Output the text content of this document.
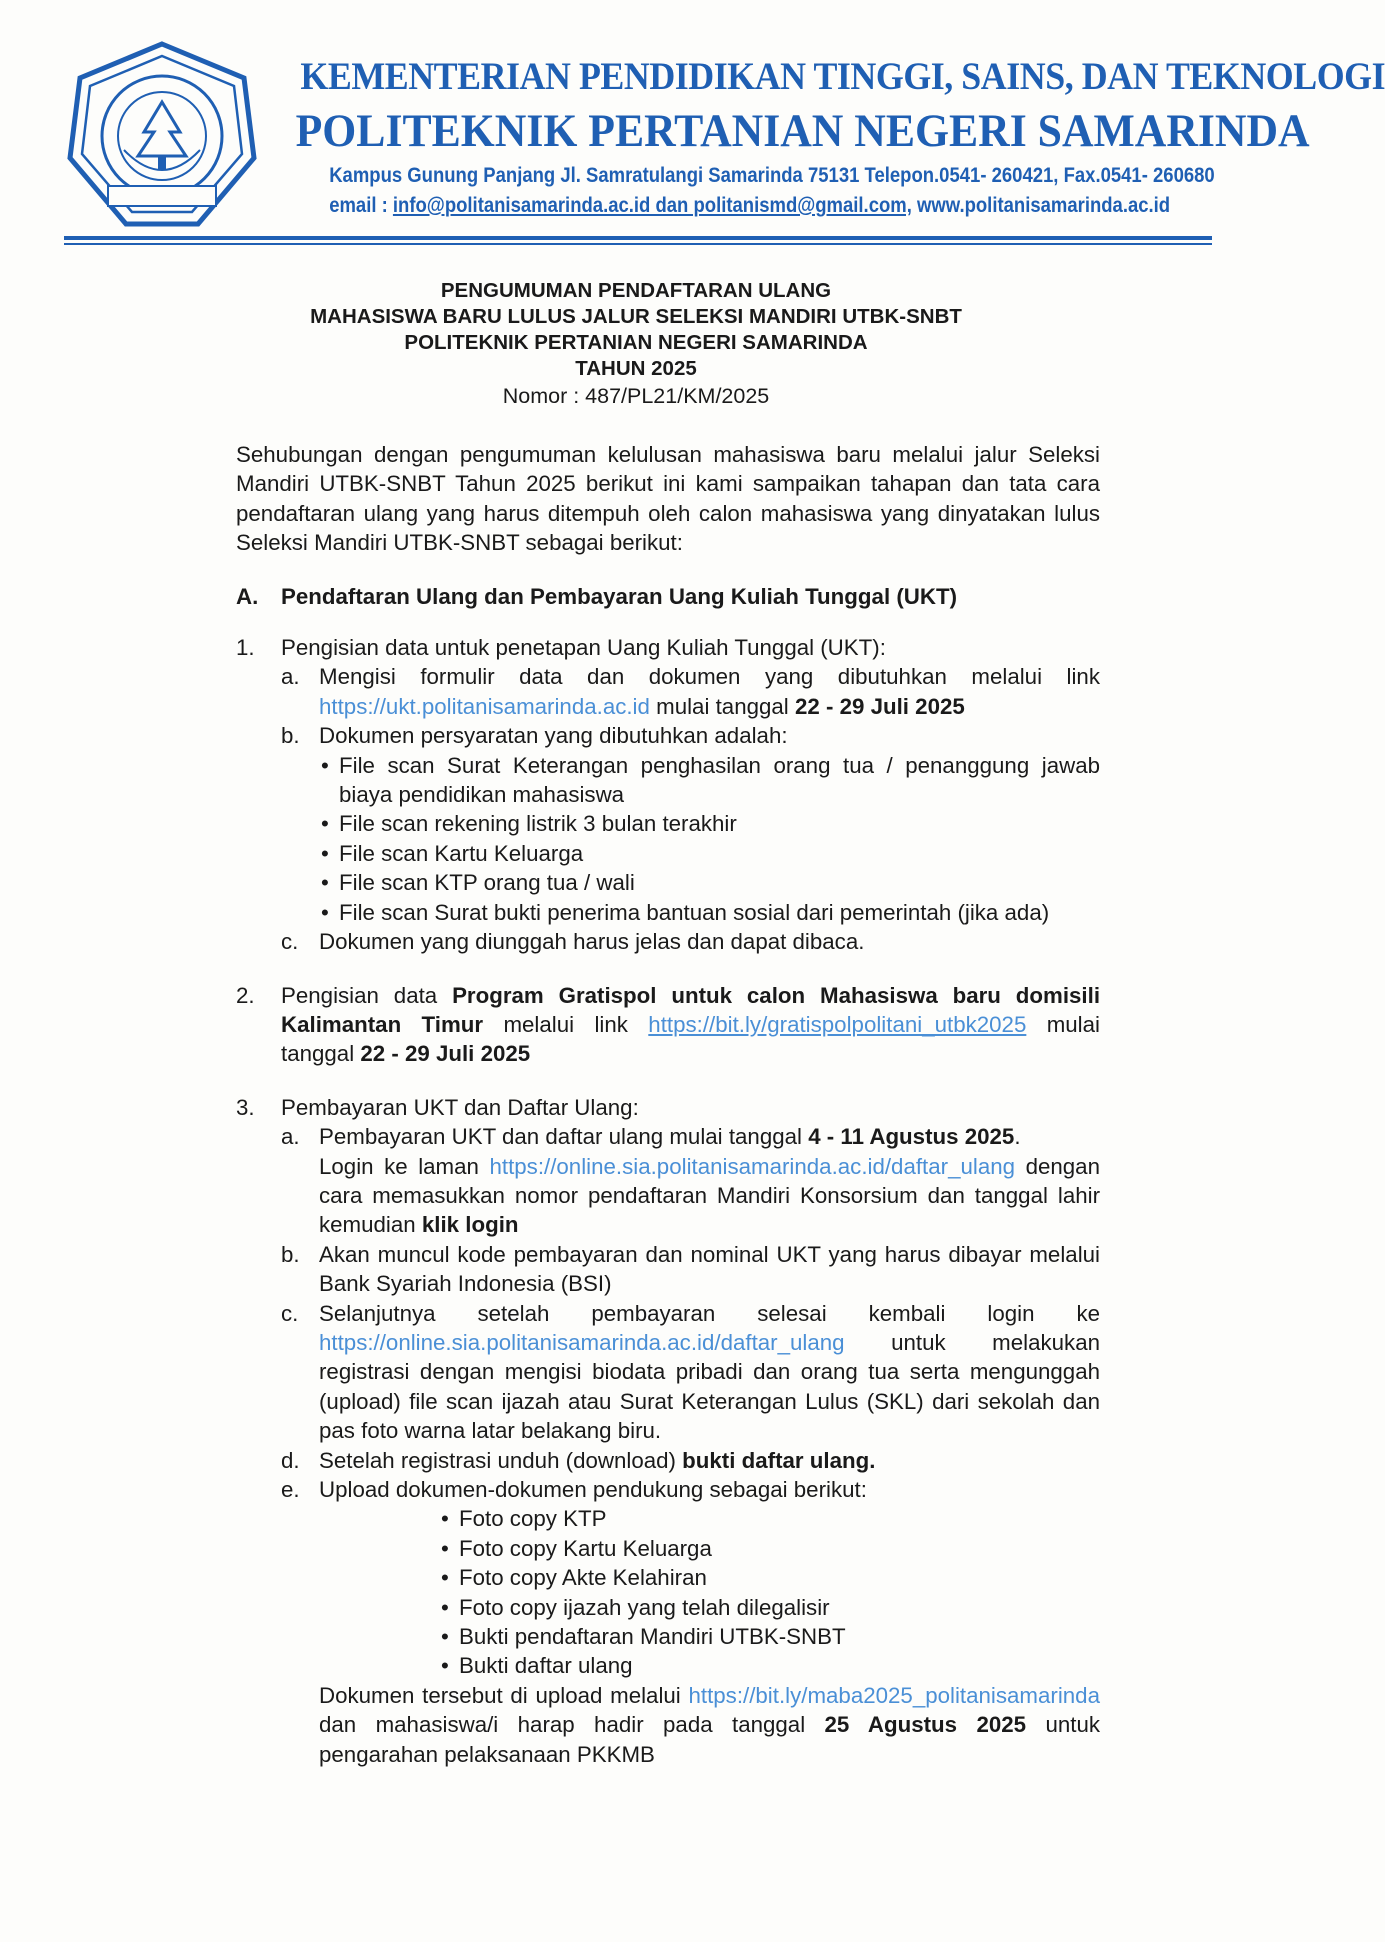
KEMENTERIAN PENDIDIKAN TINGGI, SAINS, DAN TEKNOLOGI
POLITEKNIK PERTANIAN NEGERI SAMARINDA
Kampus Gunung Panjang Jl. Samratulangi Samarinda 75131 Telepon.0541- 260421, Fax.0541- 260680
email : info@politanisamarinda.ac.id dan politanismd@gmail.com, www.politanisamarinda.ac.id
PENGUMUMAN PENDAFTARAN ULANG
MAHASISWA BARU LULUS JALUR SELEKSI MANDIRI UTBK-SNBT
POLITEKNIK PERTANIAN NEGERI SAMARINDA
TAHUN 2025
Nomor : 487/PL21/KM/2025

Sehubungan dengan pengumuman kelulusan mahasiswa baru melalui jalur Seleksi Mandiri UTBK-SNBT Tahun 2025 berikut ini kami sampaikan tahapan dan tata cara pendaftaran ulang yang harus ditempuh oleh calon mahasiswa yang dinyatakan lulus Seleksi Mandiri UTBK-SNBT sebagai berikut:

A.	Pendaftaran Ulang dan Pembayaran Uang Kuliah Tunggal (UKT)
1.	Pengisian data untuk penetapan Uang Kuliah Tunggal (UKT):

a. Mengisi formulir data dan dokumen yang dibutuhkan melalui link https://ukt.politanisamarinda.ac.id mulai tanggal 22 - 29 Juli 2025

b. Dokumen persyaratan yang dibutuhkan adalah:

• File scan Surat Keterangan penghasilan orang tua / penanggung jawab biaya pendidikan mahasiswa
• File scan rekening listrik 3 bulan terakhir
• File scan Kartu Keluarga
• File scan KTP orang tua / wali
• File scan Surat bukti penerima bantuan sosial dari pemerintah (jika ada)
c. Dokumen yang diunggah harus jelas dan dapat dibaca.

2.	Pengisian data Program Gratispol untuk calon Mahasiswa baru domisili Kalimantan Timur melalui link https://bit.ly/gratispolpolitani_utbk2025 mulai tanggal 22 - 29 Juli 2025

3.	Pembayaran UKT dan Daftar Ulang:

a. Pembayaran UKT dan daftar ulang mulai tanggal 4 - 11 Agustus 2025.

Login ke laman https://online.sia.politanisamarinda.ac.id/daftar_ulang dengan cara memasukkan nomor pendaftaran Mandiri Konsorsium dan tanggal lahir kemudian klik login

b. Akan muncul kode pembayaran dan nominal UKT yang harus dibayar melalui Bank Syariah Indonesia (BSI)

c. Selanjutnya setelah pembayaran selesai kembali login ke https://online.sia.politanisamarinda.ac.id/daftar_ulang untuk melakukan registrasi dengan mengisi biodata pribadi dan orang tua serta mengunggah (upload) file scan ijazah atau Surat Keterangan Lulus (SKL) dari sekolah dan pas foto warna latar belakang biru.

d. Setelah registrasi unduh (download) bukti daftar ulang.

e. Upload dokumen-dokumen pendukung sebagai berikut:

• Foto copy KTP
• Foto copy Kartu Keluarga
• Foto copy Akte Kelahiran
• Foto copy ijazah yang telah dilegalisir
• Bukti pendaftaran Mandiri UTBK-SNBT
• Bukti daftar ulang

Dokumen tersebut di upload melalui https://bit.ly/maba2025_politanisamarinda dan mahasiswa/i harap hadir pada tanggal 25 Agustus 2025 untuk pengarahan pelaksanaan PKKMB
